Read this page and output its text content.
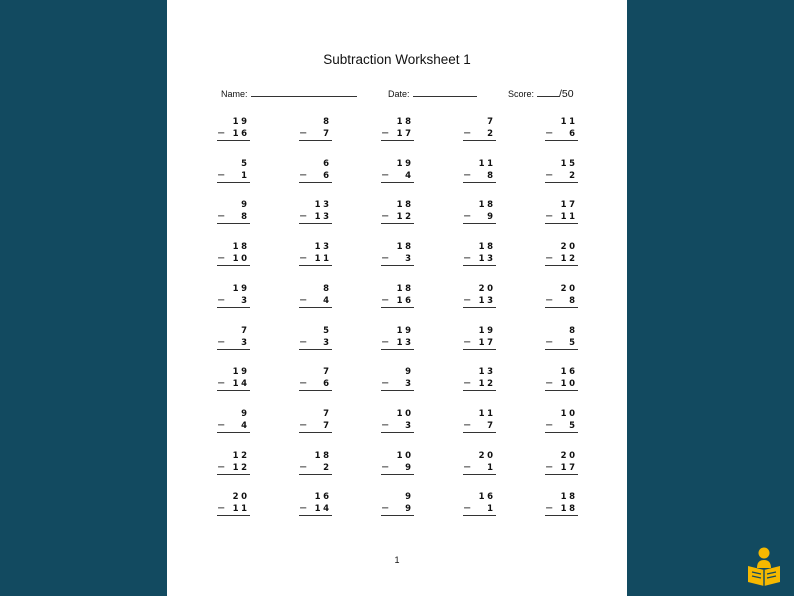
Subtraction Worksheet 1
Name:	Date:	Score: /50
19
− 16
8
− 7
18
− 17
7
− 2
11
− 6
5
− 1
6
− 6
19
− 4
11
− 8
15
− 2
9
− 8
13
− 13
18
− 12
18
− 9
17
− 11
18
− 10
13
− 11
18
− 3
18
− 13
20
− 12
19
− 3
8
− 4
18
− 16
20
− 13
20
− 8
7
− 3
5
− 3
19
− 13
19
− 17
8
− 5
19
− 14
7
− 6
9
− 3
13
− 12
16
− 10
9
− 4
7
− 7
10
− 3
11
− 7
10
− 5
12
− 12
18
− 2
10
− 9
20
− 1
20
− 17
20
− 11
16
− 14
9
− 9
16
− 1
18
− 18
1
